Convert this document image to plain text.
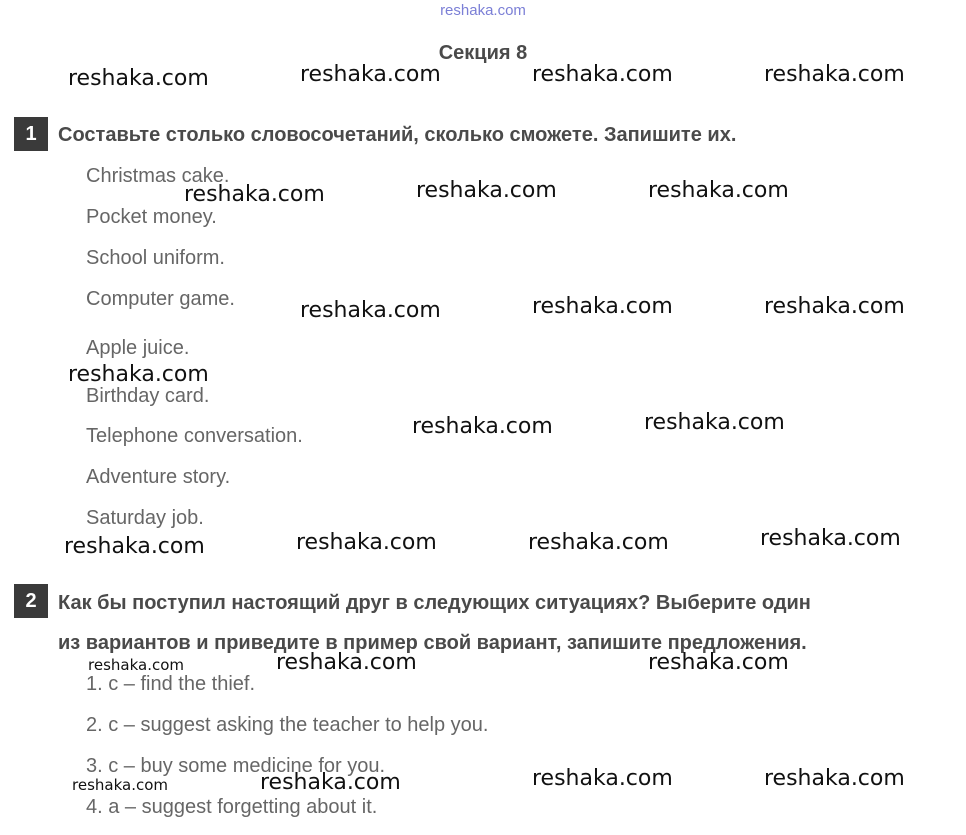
reshaka.com
Секция 8
1	Составьте столько словосочетаний, сколько сможете. Запишите их.
Christmas cake.
Pocket money.
School uniform.
Computer game.
Apple juice.
Birthday card.
Telephone conversation.
Adventure story.
Saturday job.
2	Как бы поступил настоящий друг в следующих ситуациях? Выберите один
из вариантов и приведите в пример свой вариант, запишите предложения.
1. c – find the thief.
2. c – suggest asking the teacher to help you.
3. c – buy some medicine for you.
4. a – suggest forgetting about it.
reshaka.com	reshaka.com	reshaka.com	reshaka.com
reshaka.com	reshaka.com	reshaka.com
reshaka.com	reshaka.com	reshaka.com
reshaka.com
reshaka.com	reshaka.com
reshaka.com	reshaka.com	reshaka.com	reshaka.com
reshaka.com	reshaka.com	reshaka.com
reshaka.com	reshaka.com	reshaka.com	reshaka.com
